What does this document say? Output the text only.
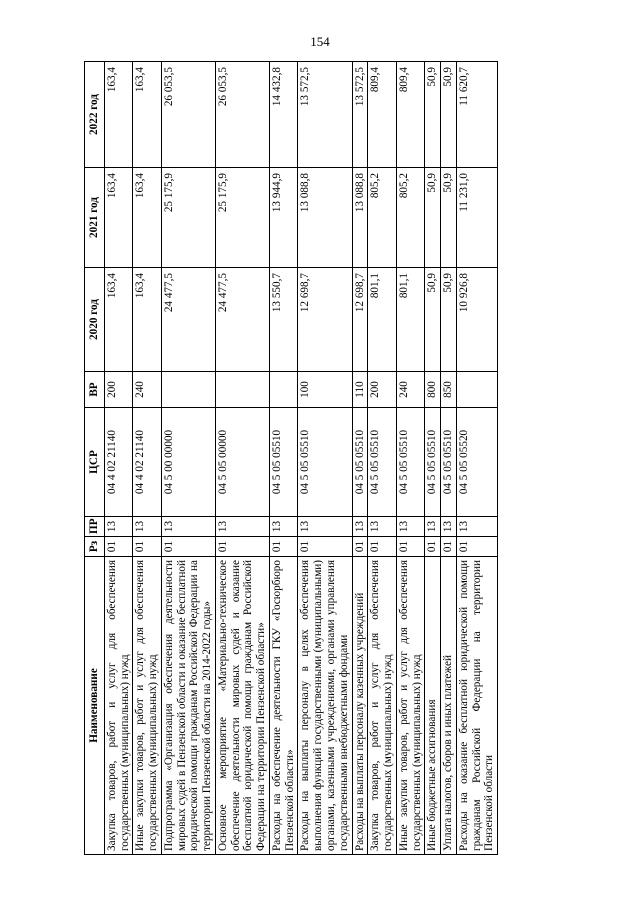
154
Наименование	Рз	ПР	ЦСР	ВР	2020 год	2021 год	2022 год
Закупка товаров, работ и услуг для обеспечения государственных (муниципальных) нужд	01	13	04 4 02 21140	200	163,4	163,4	163,4
Иные закупки товаров, работ и услуг для обеспечения государственных (муниципальных) нужд	01	13	04 4 02 21140	240	163,4	163,4	163,4
Подпрограмма «Организация обеспечения деятельности мировых судей в Пензенской области и оказание бесплатной юридической помощи гражданам Российской Федерации на территории Пензенской области на 2014-2022 годы»	01	13	04 5 00 00000		24 477,5	25 175,9	26 053,5
Основное мероприятие «Материально-техническое обеспечение деятельности мировых судей и оказание бесплатной юридической помощи гражданам Российской Федерации на территории Пензенской области»	01	13	04 5 05 00000		24 477,5	25 175,9	26 053,5
Расходы на обеспечение деятельности ГКУ «Госюрбюро Пензенской области»	01	13	04 5 05 05510		13 550,7	13 944,9	14 432,8
Расходы на выплаты персоналу в целях обеспечения выполнения функций государственными (муниципальными) органами, казенными учреждениями, органами управления государственными внебюджетными фондами	01	13	04 5 05 05510	100	12 698,7	13 088,8	13 572,5
Расходы на выплаты персоналу казенных учреждений	01	13	04 5 05 05510	110	12 698,7	13 088,8	13 572,5
Закупка товаров, работ и услуг для обеспечения государственных (муниципальных) нужд	01	13	04 5 05 05510	200	801,1	805,2	809,4
Иные закупки товаров, работ и услуг для обеспечения государственных (муниципальных) нужд	01	13	04 5 05 05510	240	801,1	805,2	809,4
Иные бюджетные ассигнования	01	13	04 5 05 05510	800	50,9	50,9	50,9
Уплата налогов, сборов и иных платежей	01	13	04 5 05 05510	850	50,9	50,9	50,9
Расходы на оказание бесплатной юридической помощи гражданам Российской Федерации на территории Пензенской области	01	13	04 5 05 05520		10 926,8	11 231,0	11 620,7
